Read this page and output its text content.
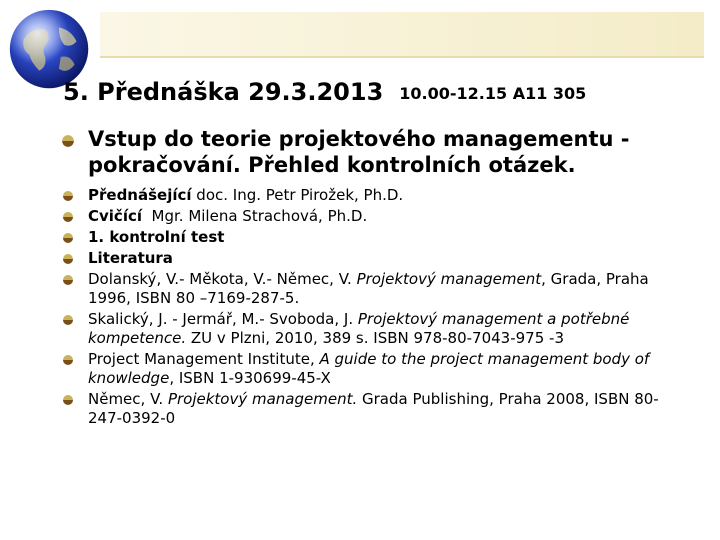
5. Přednáška 29.3.2013 10.00-12.15 A11 305
Vstup do teorie projektového managementu - pokračování. Přehled kontrolních otázek.
Přednášející doc. Ing. Petr Pirožek, Ph.D.
Cvičící  Mgr. Milena Strachová, Ph.D.
1. kontrolní test
Literatura
Dolanský, V.- Měkota, V.- Němec, V. Projektový management, Grada, Praha 1996, ISBN 80 –7169-287-5.
Skalický, J. - Jermář, M.- Svoboda, J. Projektový management a potřebné kompetence. ZU v Plzni, 2010, 389 s. ISBN 978-80-7043-975 -3
Project Management Institute, A guide to the project management body of knowledge, ISBN 1-930699-45-X
Němec, V. Projektový management. Grada Publishing, Praha 2008, ISBN 80-247-0392-0
